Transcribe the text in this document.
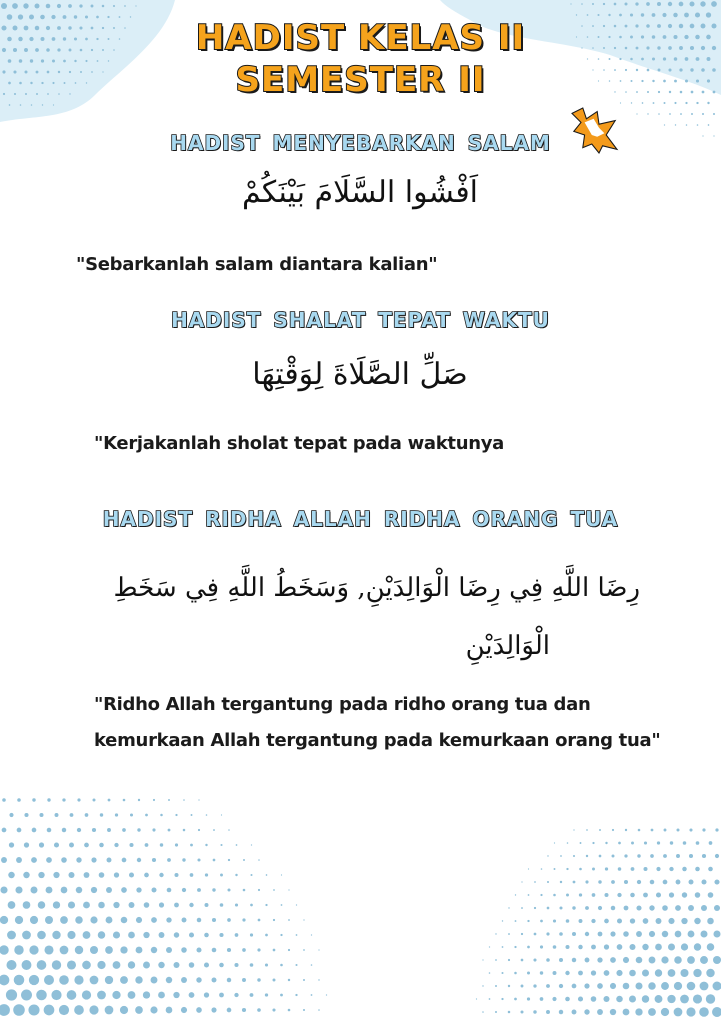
HADIST KELAS II
SEMESTER II
HADIST MENYEBARKAN SALAM
اَفْشُوا السَّلَامَ بَيْنَكُمْ
"Sebarkanlah salam diantara kalian"
HADIST SHALAT TEPAT WAKTU
صَلِّ الصَّلَاةَ لِوَقْتِهَا
"Kerjakanlah sholat tepat pada waktunya
HADIST RIDHA ALLAH RIDHA ORANG TUA
رِضَا اللَّهِ فِي رِضَا الْوَالِدَيْنِ, وَسَخَطُ اللَّهِ فِي سَخَطِ
الْوَالِدَيْنِ
"Ridho Allah tergantung pada ridho orang tua dan
kemurkaan Allah tergantung pada kemurkaan orang tua"
